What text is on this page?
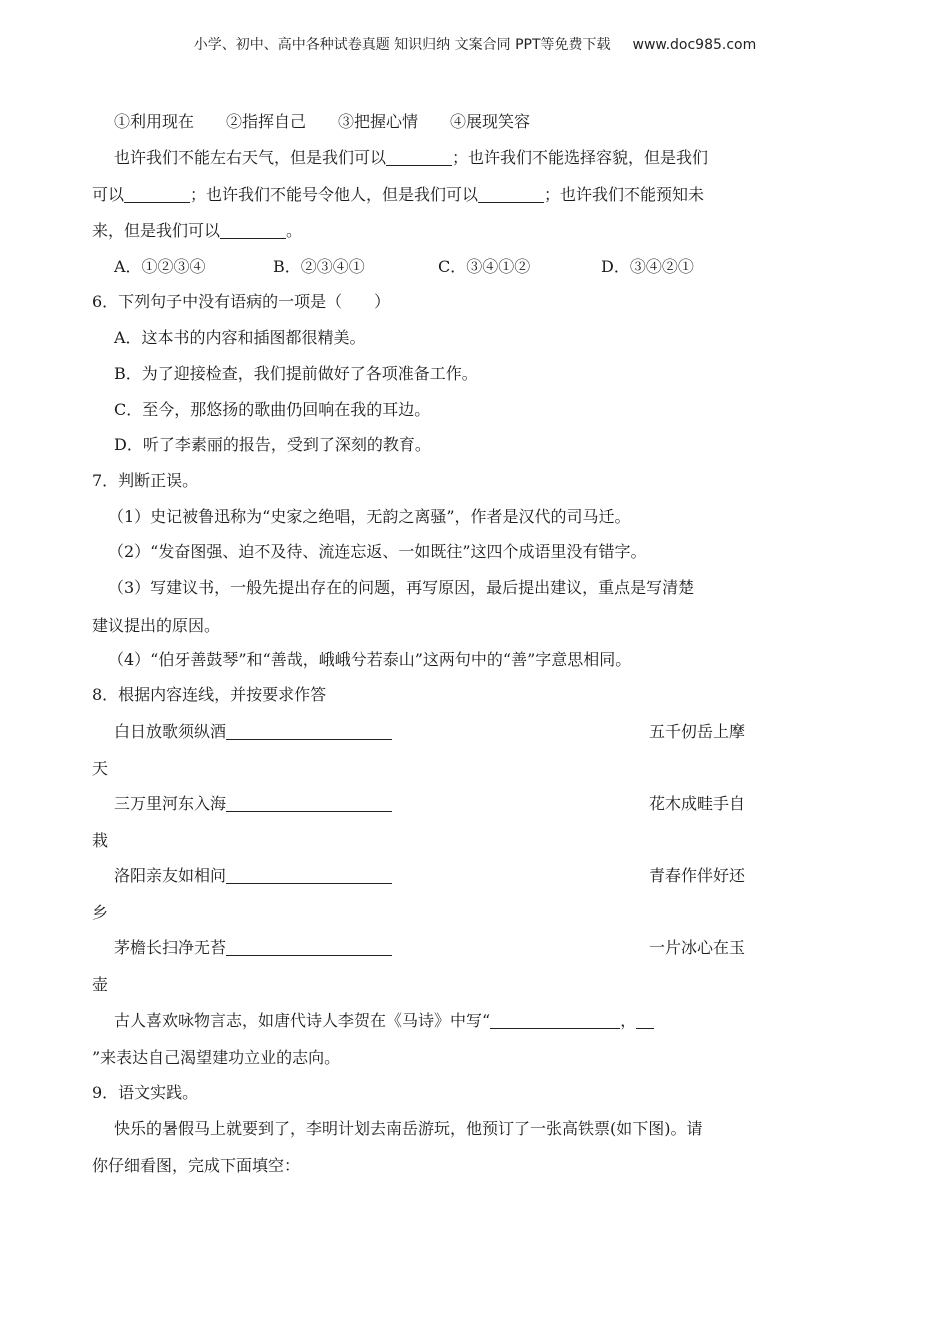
小学、初中、高中各种试卷真题 知识归纳 文案合同 PPT等免费下载 www.doc985.com
①利用现在　　②指挥自己　　③把握心情　　④展现笑容
也许我们不能左右天气，但是我们可以	；也许我们不能选择容貌，但是我们
可以	；也许我们不能号令他人，但是我们可以	；也许我们不能预知未
来，但是我们可以	。
A．①②③④	B．②③④①	C．③④①②	D．③④②①
6．下列句子中没有语病的一项是（　　）
A．这本书的内容和插图都很精美。
B．为了迎接检查，我们提前做好了各项准备工作。
C．至今，那悠扬的歌曲仍回响在我的耳边。
D．听了李素丽的报告，受到了深刻的教育。
7．判断正误。
（1）史记被鲁迅称为“史家之绝唱，无韵之离骚”，作者是汉代的司马迁。
（2）“发奋图强、迫不及待、流连忘返、一如既往”这四个成语里没有错字。
（3）写建议书，一般先提出存在的问题，再写原因，最后提出建议，重点是写清楚
建议提出的原因。
（4）“伯牙善鼓琴”和“善哉，峨峨兮若泰山”这两句中的“善”字意思相同。
8．根据内容连线，并按要求作答
白日放歌须纵酒	五千仞岳上摩
天
三万里河东入海	花木成畦手自
栽
洛阳亲友如相问	青春作伴好还
乡
茅檐长扫净无苔	一片冰心在玉
壶
古人喜欢咏物言志，如唐代诗人李贺在《马诗》中写“	，
”来表达自己渴望建功立业的志向。
9．语文实践。
快乐的暑假马上就要到了，李明计划去南岳游玩，他预订了一张高铁票(如下图)。请
你仔细看图，完成下面填空：
